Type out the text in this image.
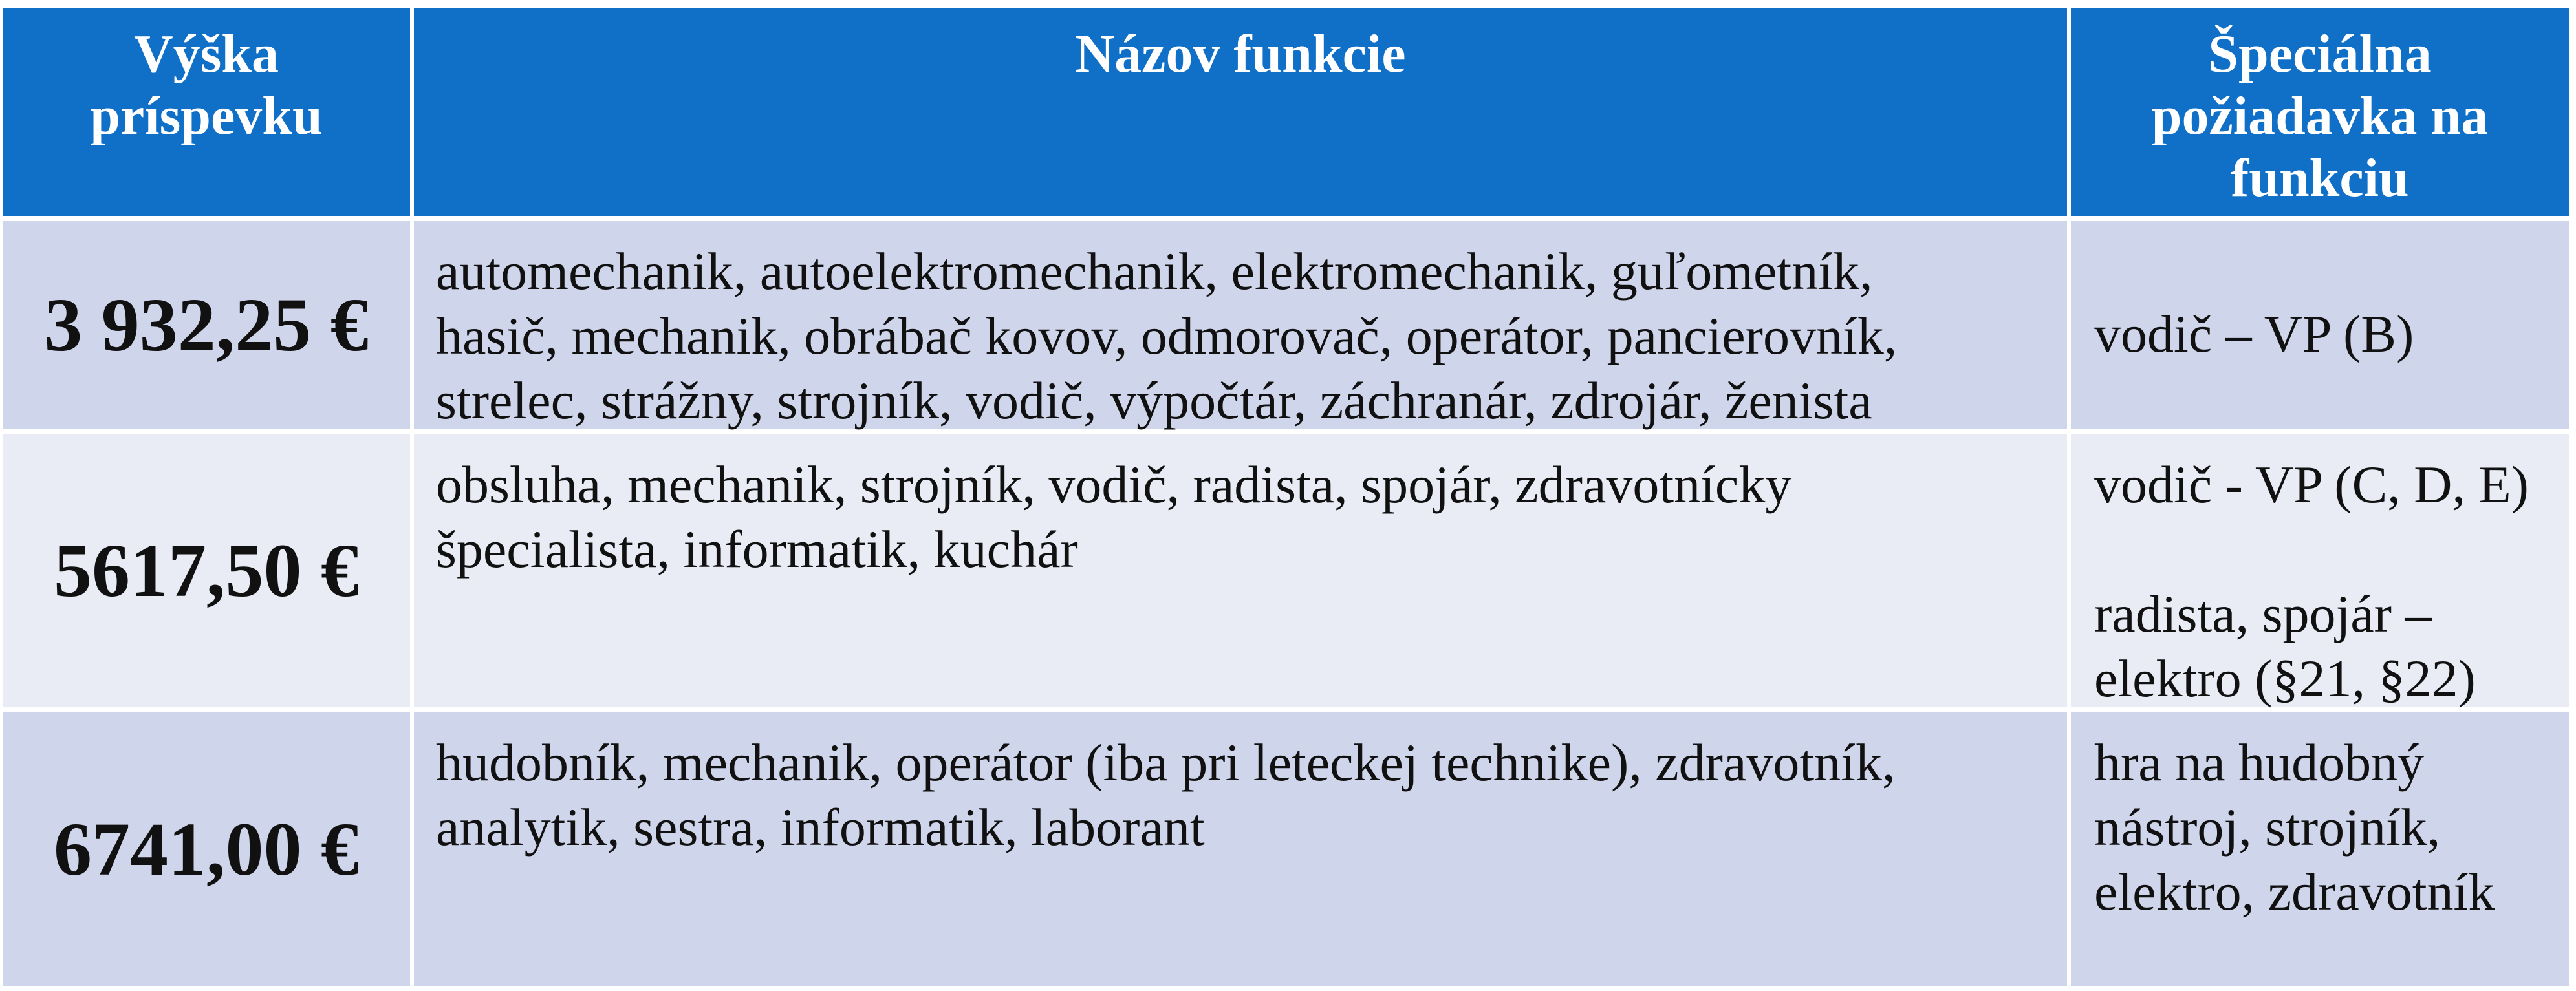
Výška
príspevku
Názov funkcie	Špeciálna
požiadavka na
funkciu
3 932,25 €
automechanik, autoelektromechanik, elektromechanik, guľometník,
hasič, mechanik, obrábač kovov, odmorovač, operátor, pancierovník,
strelec, strážny, strojník, vodič, výpočtár, záchranár, zdrojár, ženista
vodič – VP (B)
5617,50 €
obsluha, mechanik, strojník, vodič, radista, spojár, zdravotnícky
špecialista, informatik, kuchár
vodič - VP (C, D, E)
radista, spojár –
elektro (§21, §22)
6741,00 €
hudobník, mechanik, operátor (iba pri leteckej technike), zdravotník,
analytik, sestra, informatik, laborant
hra na hudobný
nástroj, strojník,
elektro, zdravotník
